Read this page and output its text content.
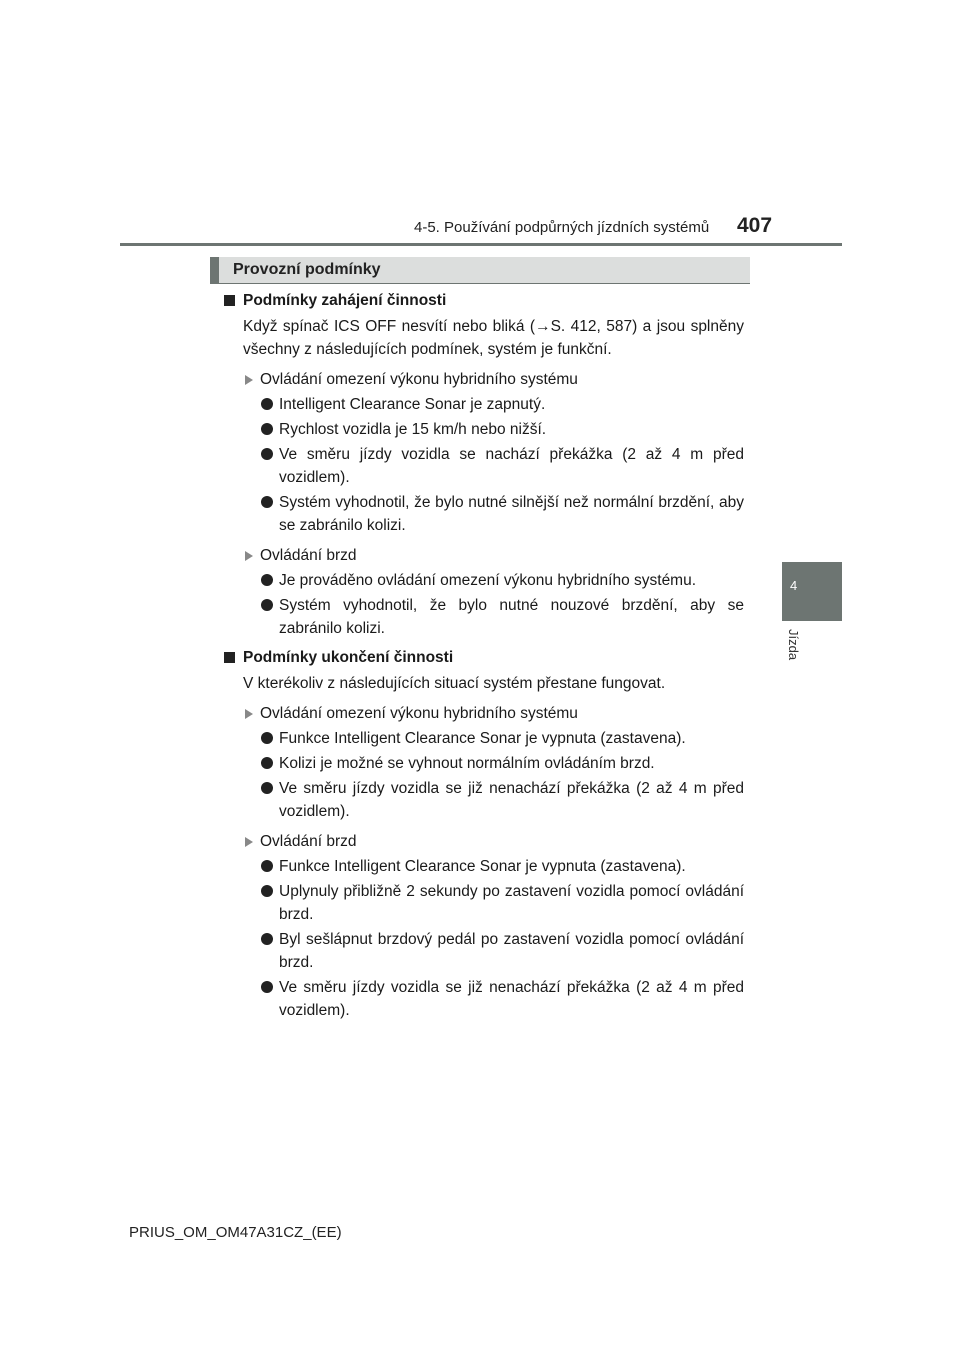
4-5. Používání podpůrných jízdních systémů 407
4
Jízda
Provozní podmínky

Podmínky zahájení činnosti

Když spínač ICS OFF nesvítí nebo bliká (→S. 412, 587) a jsou splněny všechny z následujících podmínek, systém je funkční.

Ovládání omezení výkonu hybridního systému
Intelligent Clearance Sonar je zapnutý.
Rychlost vozidla je 15 km/h nebo nižší.
Ve směru jízdy vozidla se nachází překážka (2 až 4 m před vozidlem).
Systém vyhodnotil, že bylo nutné silnější než normální brzdění, aby se zabránilo kolizi.
Ovládání brzd
Je prováděno ovládání omezení výkonu hybridního systému.
Systém vyhodnotil, že bylo nutné nouzové brzdění, aby se zabránilo kolizi.

Podmínky ukončení činnosti

V kterékoliv z následujících situací systém přestane fungovat.

Ovládání omezení výkonu hybridního systému
Funkce Intelligent Clearance Sonar je vypnuta (zastavena).
Kolizi je možné se vyhnout normálním ovládáním brzd.
Ve směru jízdy vozidla se již nenachází překážka (2 až 4 m před vozidlem).
Ovládání brzd
Funkce Intelligent Clearance Sonar je vypnuta (zastavena).
Uplynuly přibližně 2 sekundy po zastavení vozidla pomocí ovládání brzd.
Byl sešlápnut brzdový pedál po zastavení vozidla pomocí ovládání brzd.
Ve směru jízdy vozidla se již nenachází překážka (2 až 4 m před vozidlem).
PRIUS_OM_OM47A31CZ_(EE)
